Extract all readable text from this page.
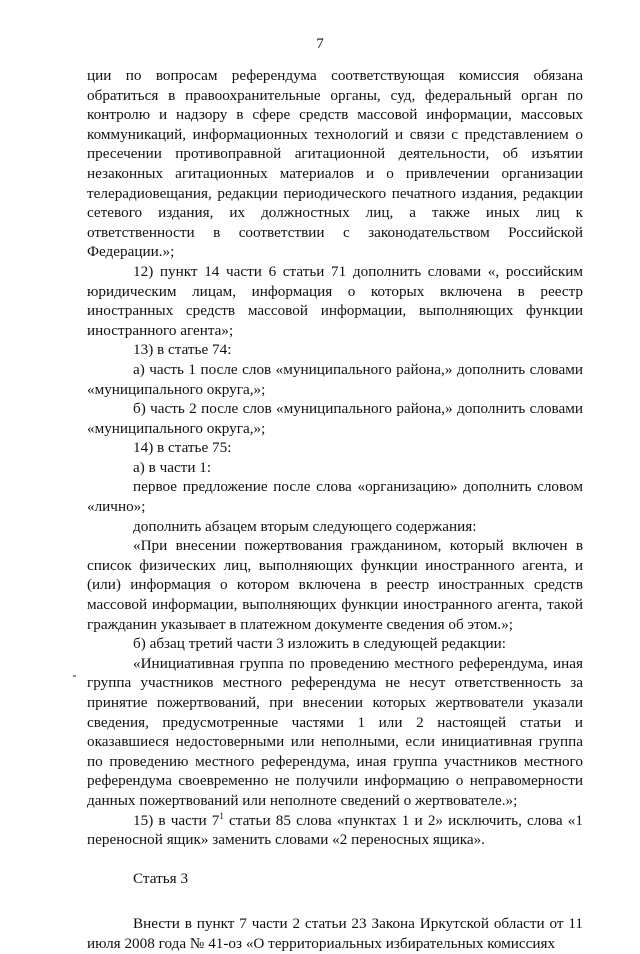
7

ции по вопросам референдума соответствующая комиссия обязана обратиться в правоохранительные органы, суд, федеральный орган по контролю и надзору в сфере средств массовой информации, массовых коммуникаций, информационных технологий и связи с представлением о пресечении противоправной агитационной деятельности, об изъятии незаконных агитационных материалов и о привлечении организации телерадиовещания, редакции периодического печатного издания, редакции сетевого издания, их должностных лиц, а также иных лиц к ответственности в соответствии с законодательством Российской Федерации.»;

12) пункт 14 части 6 статьи 71 дополнить словами «, российским юридическим лицам, информация о которых включена в реестр иностранных средств массовой информации, выполняющих функции иностранного агента»;

13) в статье 74:

а) часть 1 после слов «муниципального района,» дополнить словами «муниципального округа,»;

б) часть 2 после слов «муниципального района,» дополнить словами «муниципального округа,»;

14) в статье 75:

а) в части 1:

первое предложение после слова «организацию» дополнить словом «лично»;

дополнить абзацем вторым следующего содержания:

«При внесении пожертвования гражданином, который включен в список физических лиц, выполняющих функции иностранного агента, и (или) информация о котором включена в реестр иностранных средств массовой информации, выполняющих функции иностранного агента, такой гражданин указывает в платежном документе сведения об этом.»;

б) абзац третий части 3 изложить в следующей редакции:

«Инициативная группа по проведению местного референдума, иная группа участников местного референдума не несут ответственность за принятие пожертвований, при внесении которых жертвователи указали сведения, предусмотренные частями 1 или 2 настоящей статьи и оказавшиеся недостоверными или неполными, если инициативная группа по проведению местного референдума, иная группа участников местного референдума своевременно не получили информацию о неправомерности данных пожертвований или неполноте сведений о жертвователе.»;

15) в части $7^1$ статьи 85 слова «пунктах 1 и 2» исключить, слова «1 переносной ящик» заменить словами «2 переносных ящика».

Статья 3

Внести в пункт 7 части 2 статьи 23 Закона Иркутской области от 11 июля 2008 года № 41-оз «О территориальных избирательных комиссиях
